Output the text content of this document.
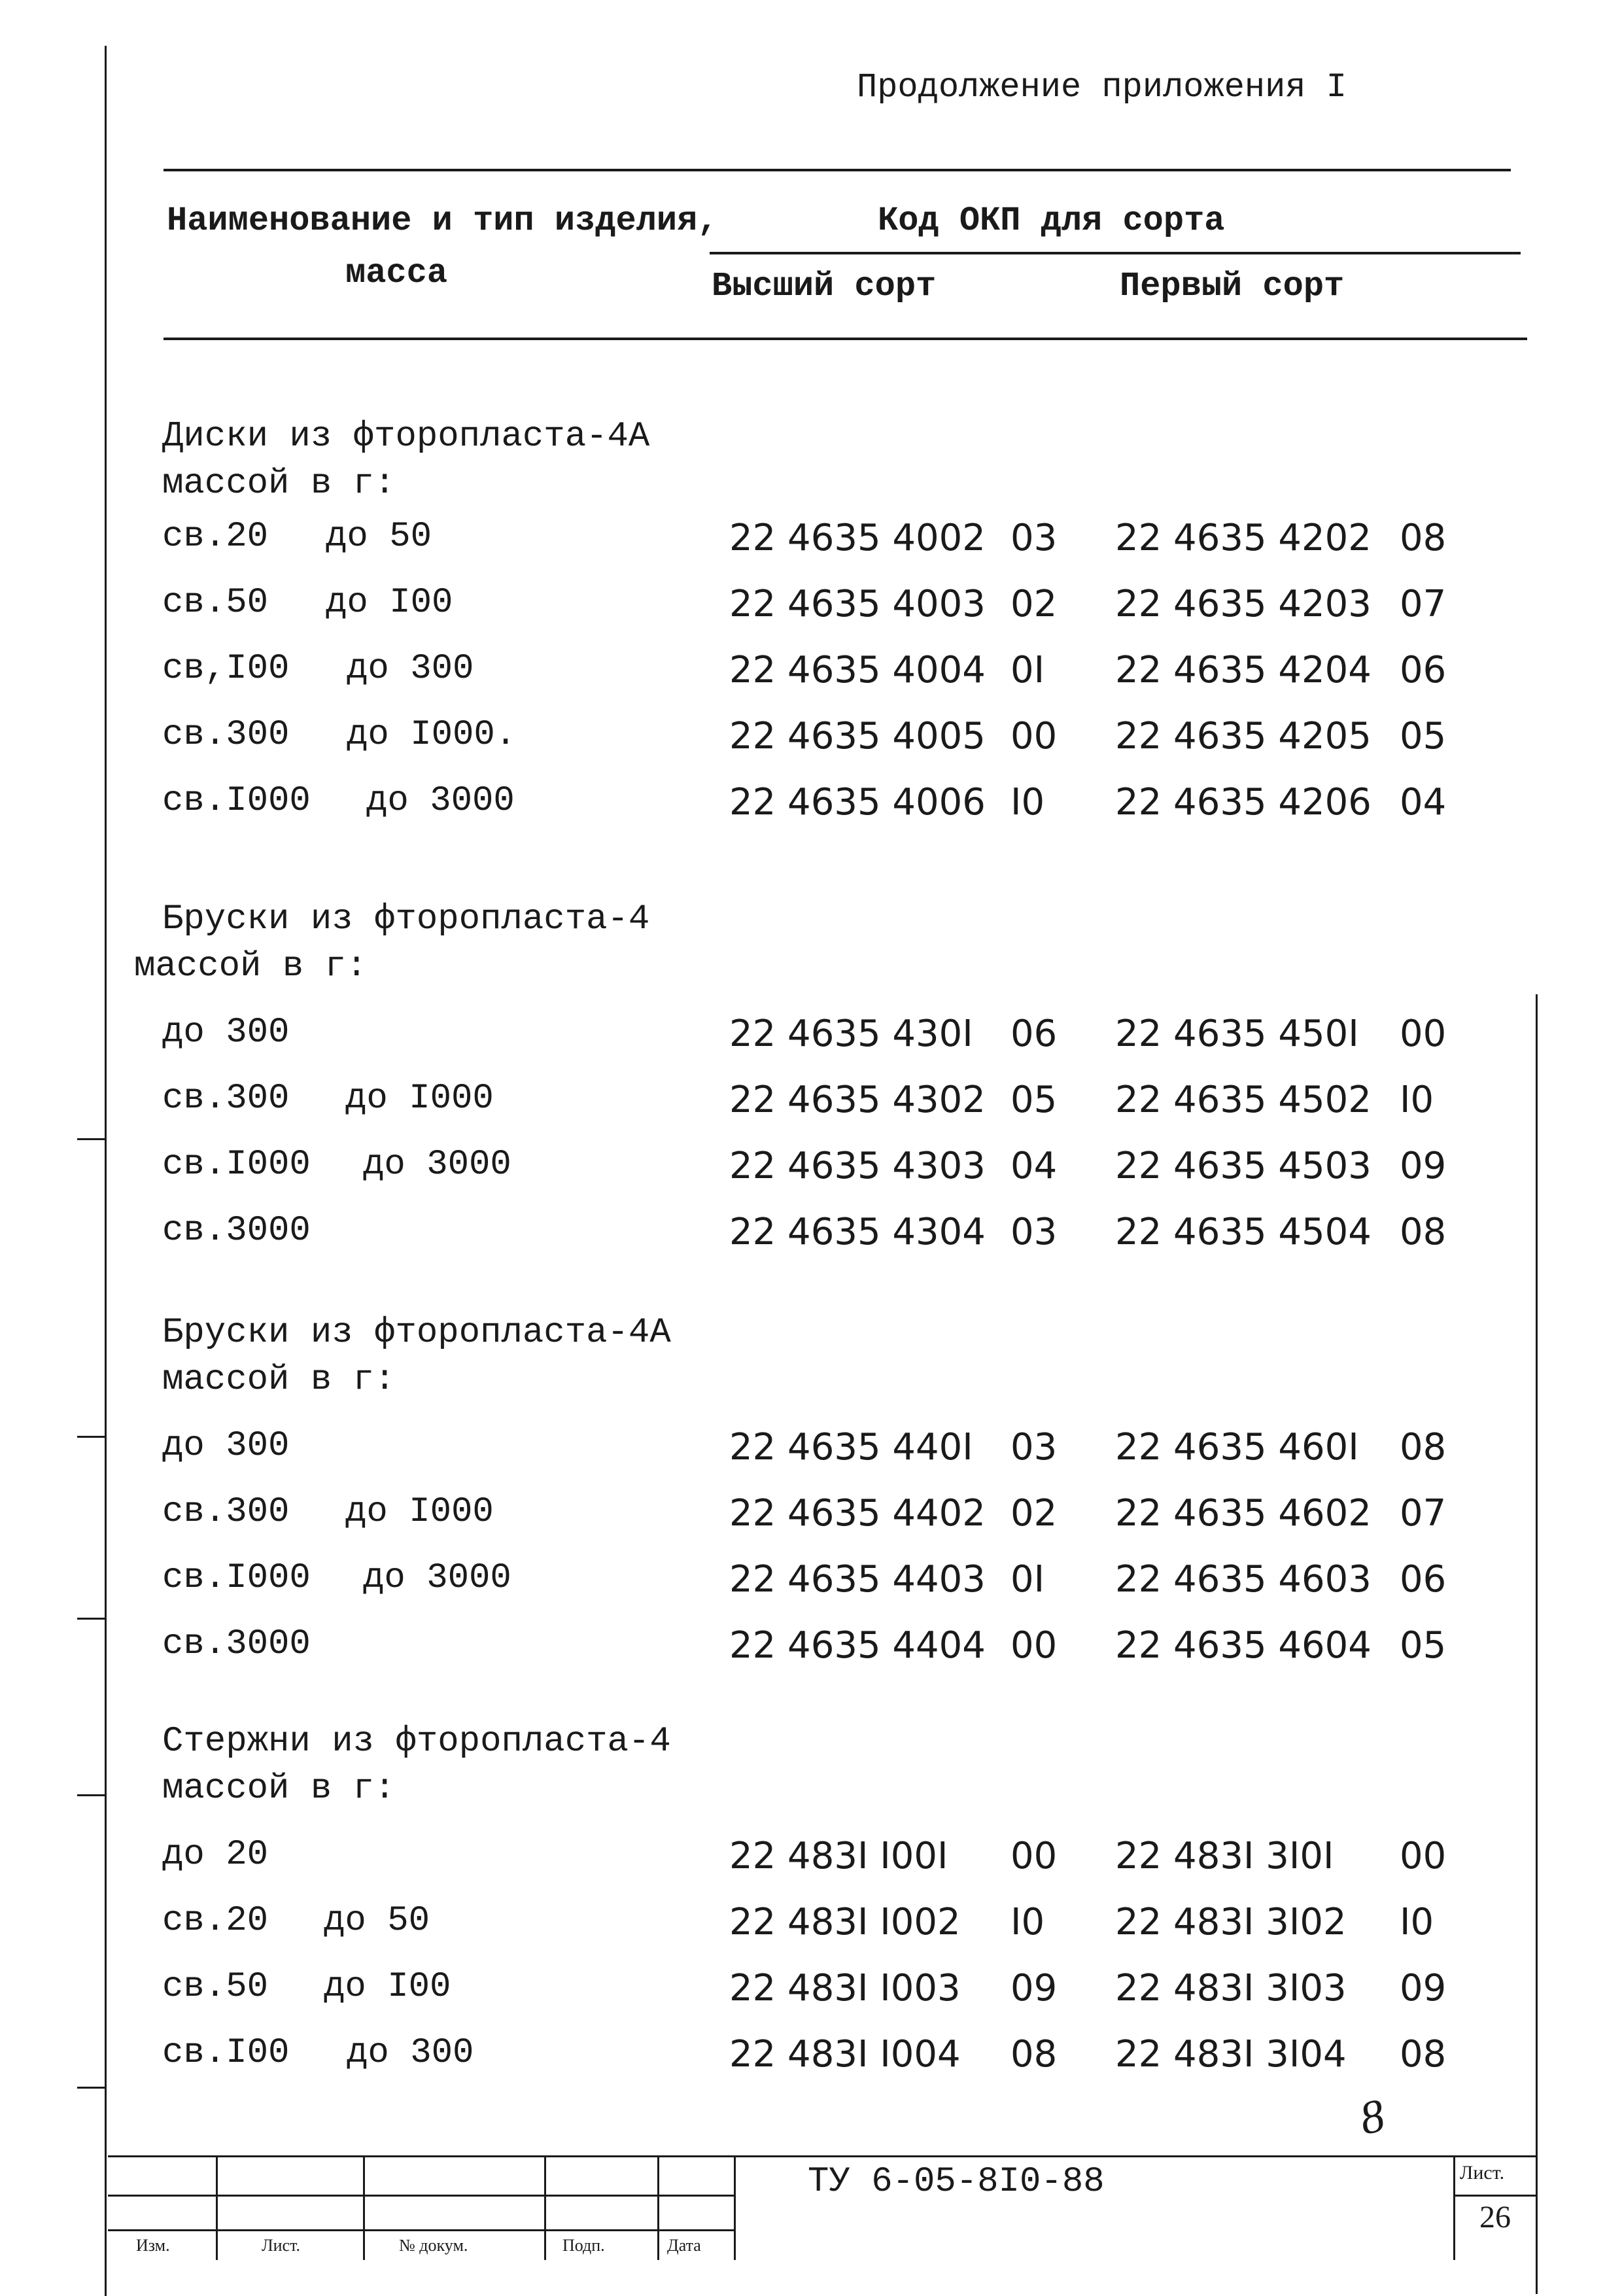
Продолжение приложения I
Наименование и тип изделия,
масса
Код ОКП для сорта
Высший сорт	Первый сорт
Диски из фторопласта-4А
массой в г:
св.20 до 50	22 4635 4002 03 22 4635 4202 08
св.50 до I00	22 4635 4003 02 22 4635 4203 07
св,I00 до 300	22 4635 4004 0I 22 4635 4204 06
св.300 до I000.	22 4635 4005 00 22 4635 4205 05
св.I000 до 3000	22 4635 4006 I0 22 4635 4206 04
Бруски из фторопласта-4
массой в г:
до 300	22 4635 430I 06 22 4635 450I 00
св.300 до I000	22 4635 4302 05 22 4635 4502 I0
св.I000 до 3000	22 4635 4303 04 22 4635 4503 09
св.3000	22 4635 4304 03 22 4635 4504 08
Бруски из фторопласта-4А
массой в г:
до 300	22 4635 440I 03 22 4635 460I 08
св.300 до I000	22 4635 4402 02 22 4635 4602 07
св.I000 до 3000	22 4635 4403 0I 22 4635 4603 06
св.3000	22 4635 4404 00 22 4635 4604 05
Стержни из фторопласта-4
массой в г:
до 20	22 483I I00I 00 22 483I 3I0I 00
св.20 до 50	22 483I I002 I0 22 483I 3I02 I0
св.50 до I00	22 483I I003 09 22 483I 3I03 09
св.I00 до 300	22 483I I004 08 22 483I 3I04 08
8
Изм.	Лист.	№ докум.	Подп.	Дата
ТУ 6-05-8I0-88	Лист.
26
